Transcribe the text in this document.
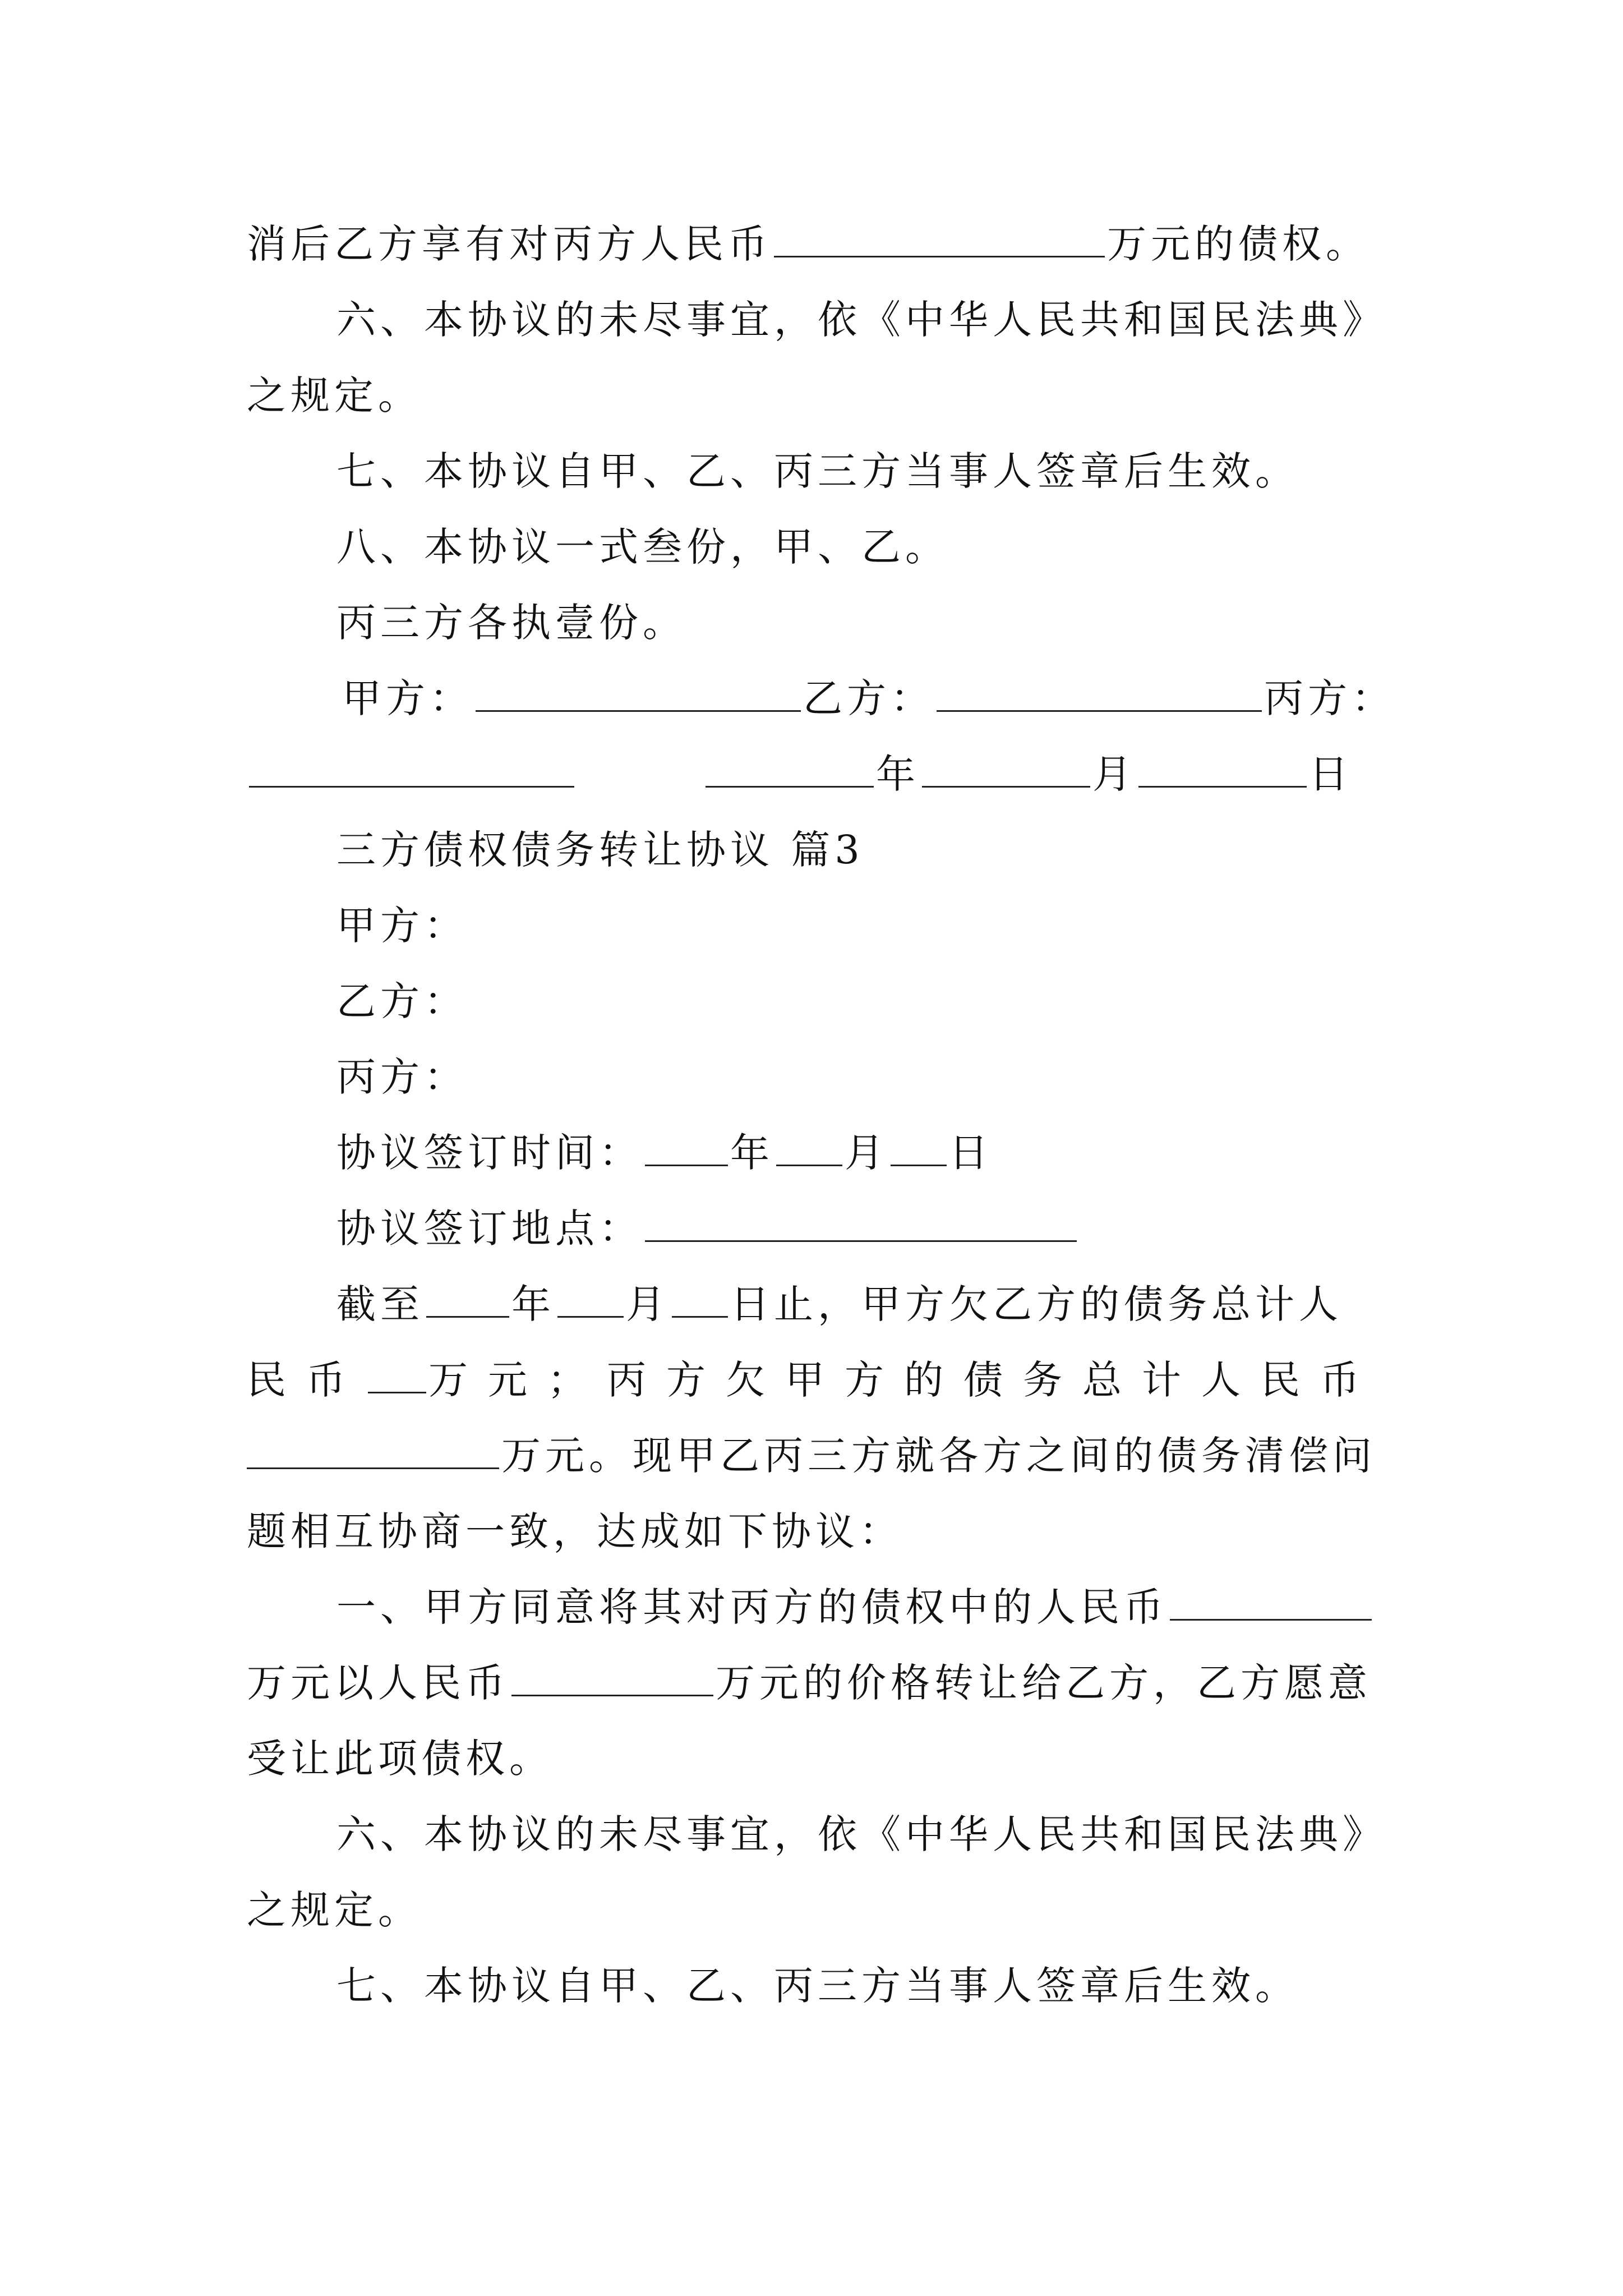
消后乙方享有对丙方人民币	万元的债权。
六、本协议的未尽事宜，依《中华人民共和国民法典》
之规定。
七、本协议自甲、乙、丙三方当事人签章后生效。
八、本协议一式叁份，甲、乙。
丙三方各执壹份。
甲方：	乙方：	丙方：
年	月	日
三方债权债务转让协议 篇3
甲方：
乙方：
丙方：
协议签订时间： 年 月 日
协议签订地点：
截至 年 月 日止，甲方欠乙方的债务总计人
民币 万元；丙方欠甲方的债务总计人民币
万元。现甲乙丙三方就各方之间的债务清偿问
题相互协商一致，达成如下协议：
一、甲方同意将其对丙方的债权中的人民币
万元以人民币	万元的价格转让给乙方，乙方愿意
受让此项债权。
六、本协议的未尽事宜，依《中华人民共和国民法典》
之规定。
七、本协议自甲、乙、丙三方当事人签章后生效。
